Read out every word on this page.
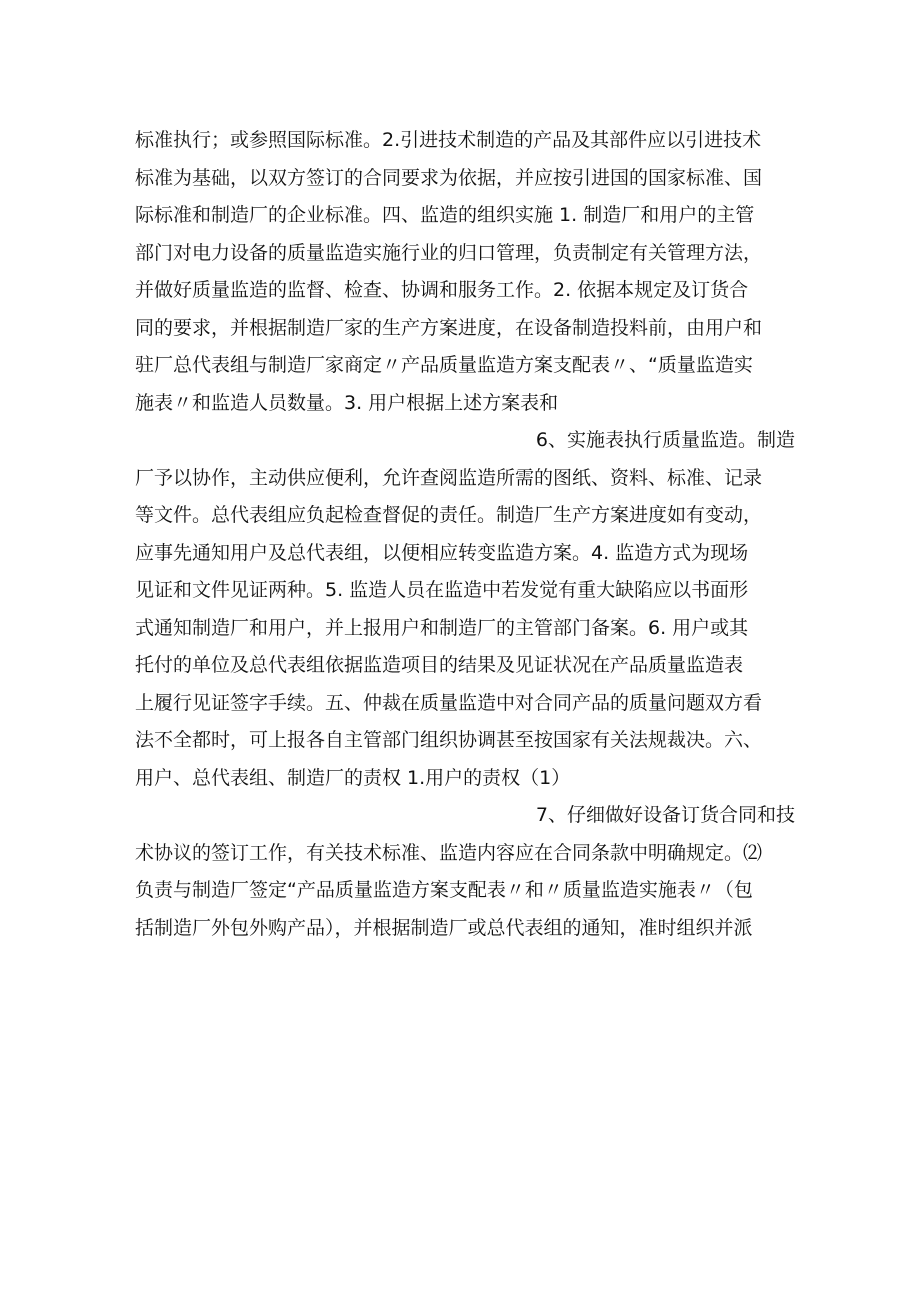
标准执行；或参照国际标准。2.引进技术制造的产品及其部件应以引进技术
标准为基础，以双方签订的合同要求为依据，并应按引进国的国家标准、国
际标准和制造厂的企业标准。四、监造的组织实施 1. 制造厂和用户的主管
部门对电力设备的质量监造实施行业的归口管理，负责制定有关管理方法，
并做好质量监造的监督、检查、协调和服务工作。2. 依据本规定及订货合
同的要求，并根据制造厂家的生产方案进度，在设备制造投料前，由用户和
驻厂总代表组与制造厂家商定〃产品质量监造方案支配表〃、“质量监造实
施表〃和监造人员数量。3. 用户根据上述方案表和
6、实施表执行质量监造。制造
厂予以协作，主动供应便利，允许查阅监造所需的图纸、资料、标准、记录
等文件。总代表组应负起检查督促的责任。制造厂生产方案进度如有变动，
应事先通知用户及总代表组，以便相应转变监造方案。4. 监造方式为现场
见证和文件见证两种。5. 监造人员在监造中若发觉有重大缺陷应以书面形
式通知制造厂和用户，并上报用户和制造厂的主管部门备案。6. 用户或其
托付的单位及总代表组依据监造项目的结果及见证状况在产品质量监造表
上履行见证签字手续。五、仲裁在质量监造中对合同产品的质量问题双方看
法不全都时，可上报各自主管部门组织协调甚至按国家有关法规裁决。六、
用户、总代表组、制造厂的责权 1.用户的责权（1）
7、仔细做好设备订货合同和技
术协议的签订工作，有关技术标准、监造内容应在合同条款中明确规定。⑵
负责与制造厂签定“产品质量监造方案支配表〃和〃质量监造实施表〃（包
括制造厂外包外购产品），并根据制造厂或总代表组的通知，准时组织并派
